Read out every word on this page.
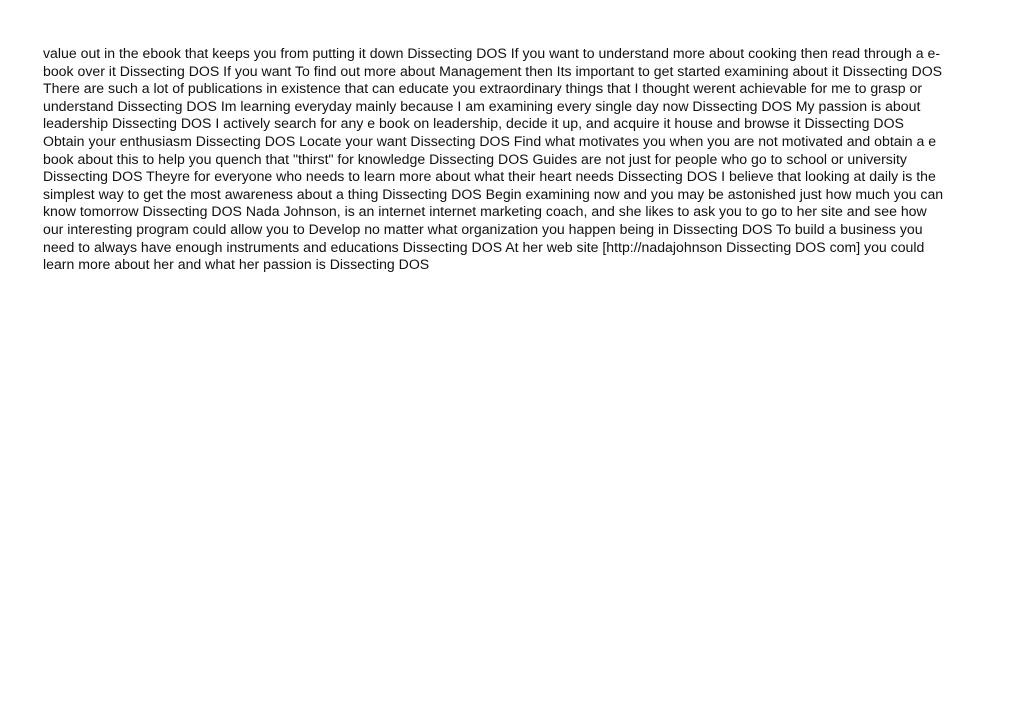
value out in the ebook that keeps you from putting it down Dissecting DOS If you want to understand more about cooking then read through a e-
book over it Dissecting DOS If you want To find out more about Management then Its important to get started examining about it Dissecting DOS
There are such a lot of publications in existence that can educate you extraordinary things that I thought werent achievable for me to grasp or
understand Dissecting DOS Im learning everyday mainly because I am examining every single day now Dissecting DOS My passion is about
leadership Dissecting DOS I actively search for any e book on leadership, decide it up, and acquire it house and browse it Dissecting DOS
Obtain your enthusiasm Dissecting DOS Locate your want Dissecting DOS Find what motivates you when you are not motivated and obtain a e
book about this to help you quench that "thirst" for knowledge Dissecting DOS Guides are not just for people who go to school or university
Dissecting DOS Theyre for everyone who needs to learn more about what their heart needs Dissecting DOS I believe that looking at daily is the
simplest way to get the most awareness about a thing Dissecting DOS Begin examining now and you may be astonished just how much you can
know tomorrow Dissecting DOS Nada Johnson, is an internet internet marketing coach, and she likes to ask you to go to her site and see how
our interesting program could allow you to Develop no matter what organization you happen being in Dissecting DOS To build a business you
need to always have enough instruments and educations Dissecting DOS At her web site [http://nadajohnson Dissecting DOS com] you could
learn more about her and what her passion is Dissecting DOS
